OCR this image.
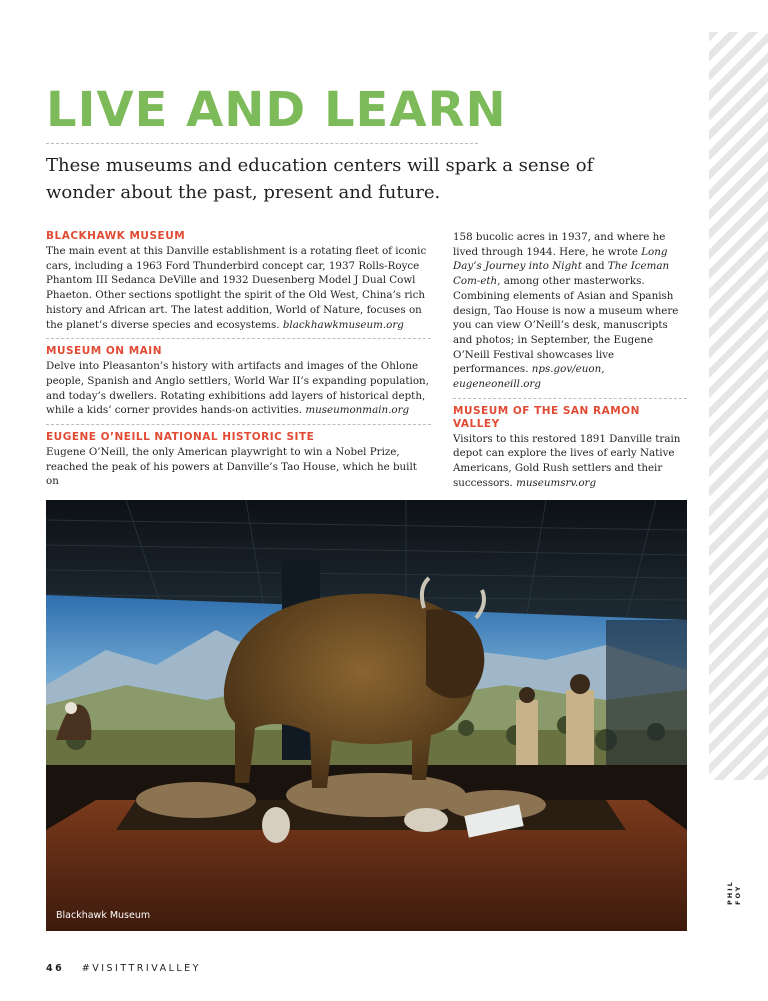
LIVE AND LEARN

These museums and education centers will spark a sense of wonder about the past, present and future.

BLACKHAWK MUSEUM

The main event at this Danville establishment is a rotating fleet of iconic cars, including a 1963 Ford Thunderbird concept car, 1937 Rolls-Royce Phantom III Sedanca DeVille and 1932 Duesenberg Model J Dual Cowl Phaeton. Other sections spotlight the spirit of the Old West, China’s rich history and African art. The latest addition, World of Nature, focuses on the planet’s diverse species and ecosystems. blackhawkmuseum.org

MUSEUM ON MAIN

Delve into Pleasanton’s history with artifacts and images of the Ohlone people, Spanish and Anglo settlers, World War II’s expanding population, and today’s dwellers. Rotating exhibitions add layers of historical depth, while a kids’ corner provides hands-on activities. museumonmain.org

EUGENE O’NEILL NATIONAL HISTORIC SITE

Eugene O’Neill, the only American playwright to win a Nobel Prize, reached the peak of his powers at Danville’s Tao House, which he built on

158 bucolic acres in 1937, and where he lived through 1944. Here, he wrote Long Day’s Journey into Night and The Iceman Com-eth, among other masterworks. Combining elements of Asian and Spanish design, Tao House is now a museum where you can view O’Neill’s desk, manuscripts and photos; in September, the Eugene O’Neill Festival showcases live performances. nps.gov/euon, eugeneoneill.org

MUSEUM OF THE SAN RAMON VALLEY

Visitors to this restored 1891 Danville train depot can explore the lives of early Native Americans, Gold Rush settlers and their successors. museumsrv.org

Blackhawk Museum
PHIL FOY
46 #VISITTRIVALLEY
